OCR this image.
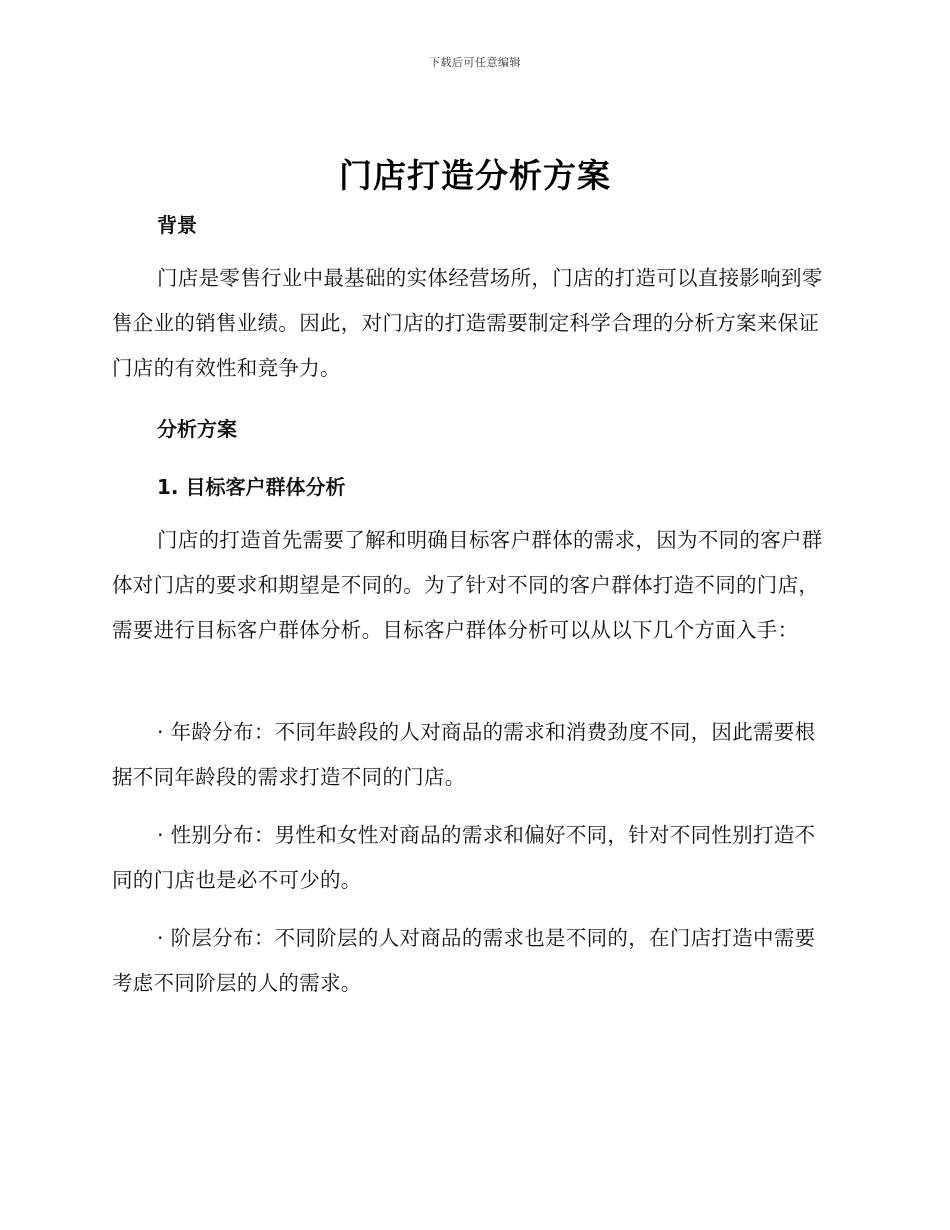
下载后可任意编辑
门店打造分析方案
背景

门店是零售行业中最基础的实体经营场所，门店的打造可以直接影响到零售企业的销售业绩。因此，对门店的打造需要制定科学合理的分析方案来保证门店的有效性和竞争力。

分析方案
1. 目标客户群体分析

门店的打造首先需要了解和明确目标客户群体的需求，因为不同的客户群体对门店的要求和期望是不同的。为了针对不同的客户群体打造不同的门店，需要进行目标客户群体分析。目标客户群体分析可以从以下几个方面入手：

· 年龄分布：不同年龄段的人对商品的需求和消费劲度不同，因此需要根据不同年龄段的需求打造不同的门店。

· 性别分布：男性和女性对商品的需求和偏好不同，针对不同性别打造不同的门店也是必不可少的。

· 阶层分布：不同阶层的人对商品的需求也是不同的，在门店打造中需要考虑不同阶层的人的需求。
